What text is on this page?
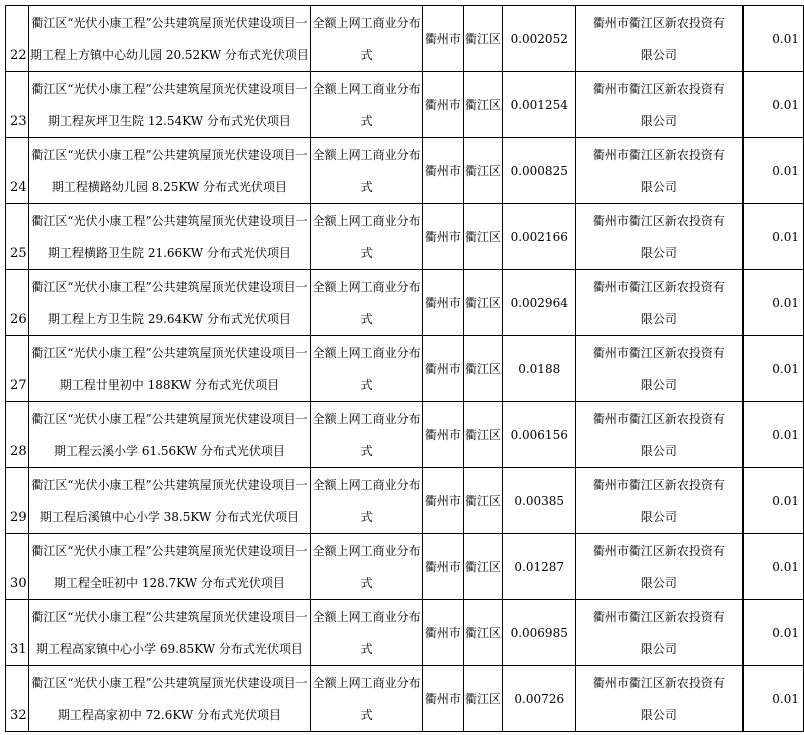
22	衢江区“光伏小康工程”公共建筑屋顶光伏建设项目一
期工程上方镇中心幼儿园 20.52KW 分布式光伏项目	全额上网工商业分布
式	衢州市	衢江区	0.002052	衢州市衢江区新农投资有
限公司		0.01
23	衢江区“光伏小康工程”公共建筑屋顶光伏建设项目一
期工程灰坪卫生院 12.54KW 分布式光伏项目	全额上网工商业分布
式	衢州市	衢江区	0.001254	衢州市衢江区新农投资有
限公司		0.01
24	衢江区“光伏小康工程”公共建筑屋顶光伏建设项目一
期工程横路幼儿园 8.25KW 分布式光伏项目	全额上网工商业分布
式	衢州市	衢江区	0.000825	衢州市衢江区新农投资有
限公司		0.01
25	衢江区“光伏小康工程”公共建筑屋顶光伏建设项目一
期工程横路卫生院 21.66KW 分布式光伏项目	全额上网工商业分布
式	衢州市	衢江区	0.002166	衢州市衢江区新农投资有
限公司		0.01
26	衢江区“光伏小康工程”公共建筑屋顶光伏建设项目一
期工程上方卫生院 29.64KW 分布式光伏项目	全额上网工商业分布
式	衢州市	衢江区	0.002964	衢州市衢江区新农投资有
限公司		0.01
27	衢江区“光伏小康工程”公共建筑屋顶光伏建设项目一
期工程廿里初中 188KW 分布式光伏项目	全额上网工商业分布
式	衢州市	衢江区	0.0188	衢州市衢江区新农投资有
限公司		0.01
28	衢江区“光伏小康工程”公共建筑屋顶光伏建设项目一
期工程云溪小学 61.56KW 分布式光伏项目	全额上网工商业分布
式	衢州市	衢江区	0.006156	衢州市衢江区新农投资有
限公司		0.01
29	衢江区“光伏小康工程”公共建筑屋顶光伏建设项目一
期工程后溪镇中心小学 38.5KW 分布式光伏项目	全额上网工商业分布
式	衢州市	衢江区	0.00385	衢州市衢江区新农投资有
限公司		0.01
30	衢江区“光伏小康工程”公共建筑屋顶光伏建设项目一
期工程全旺初中 128.7KW 分布式光伏项目	全额上网工商业分布
式	衢州市	衢江区	0.01287	衢州市衢江区新农投资有
限公司		0.01
31	衢江区“光伏小康工程”公共建筑屋顶光伏建设项目一
期工程高家镇中心小学 69.85KW 分布式光伏项目	全额上网工商业分布
式	衢州市	衢江区	0.006985	衢州市衢江区新农投资有
限公司		0.01
32	衢江区“光伏小康工程”公共建筑屋顶光伏建设项目一
期工程高家初中 72.6KW 分布式光伏项目	全额上网工商业分布
式	衢州市	衢江区	0.00726	衢州市衢江区新农投资有
限公司		0.01
